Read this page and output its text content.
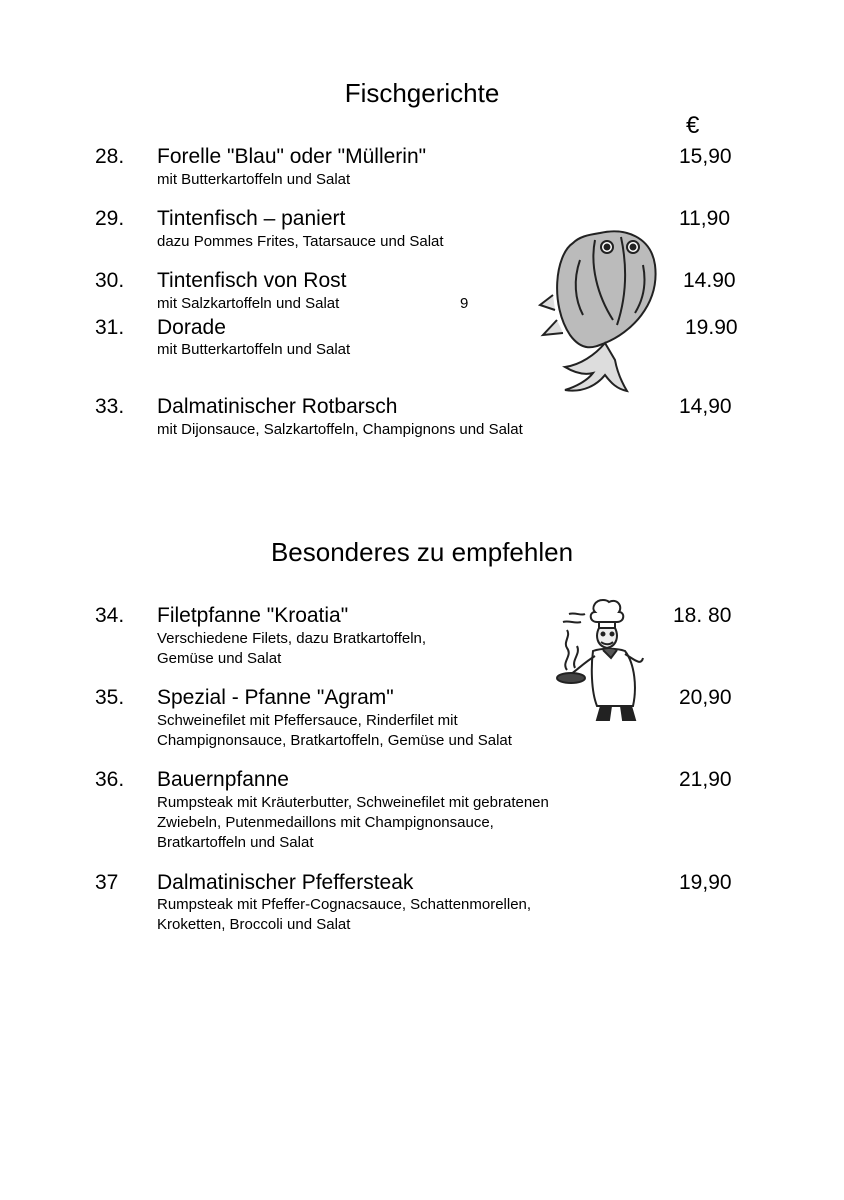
Fischgerichte
€
28. Forelle "Blau" oder "Müllerin"
mit Butterkartoffeln und Salat
15,90
29. Tintenfisch – paniert
dazu Pommes Frites, Tatarsauce und Salat
11,90
30. Tintenfisch von Rost
mit Salzkartoffeln und Salat	9
14.90
31. Dorade
mit Butterkartoffeln und Salat
19.90
33. Dalmatinischer Rotbarsch
mit Dijonsauce, Salzkartoffeln, Champignons und Salat
14,90
Besonderes zu empfehlen
34. Filetpfanne "Kroatia"
Verschiedene Filets, dazu Bratkartoffeln,
Gemüse und Salat
18. 80
35. Spezial - Pfanne "Agram"
Schweinefilet mit Pfeffersauce, Rinderfilet mit
Champignonsauce, Bratkartoffeln, Gemüse und Salat
20,90
36. Bauernpfanne
Rumpsteak mit Kräuterbutter, Schweinefilet mit gebratenen
Zwiebeln, Putenmedaillons mit Champignonsauce,
Bratkartoffeln und Salat
21,90
37 Dalmatinischer Pfeffersteak
Rumpsteak mit Pfeffer-Cognacsauce, Schattenmorellen,
Kroketten, Broccoli und Salat
19,90
